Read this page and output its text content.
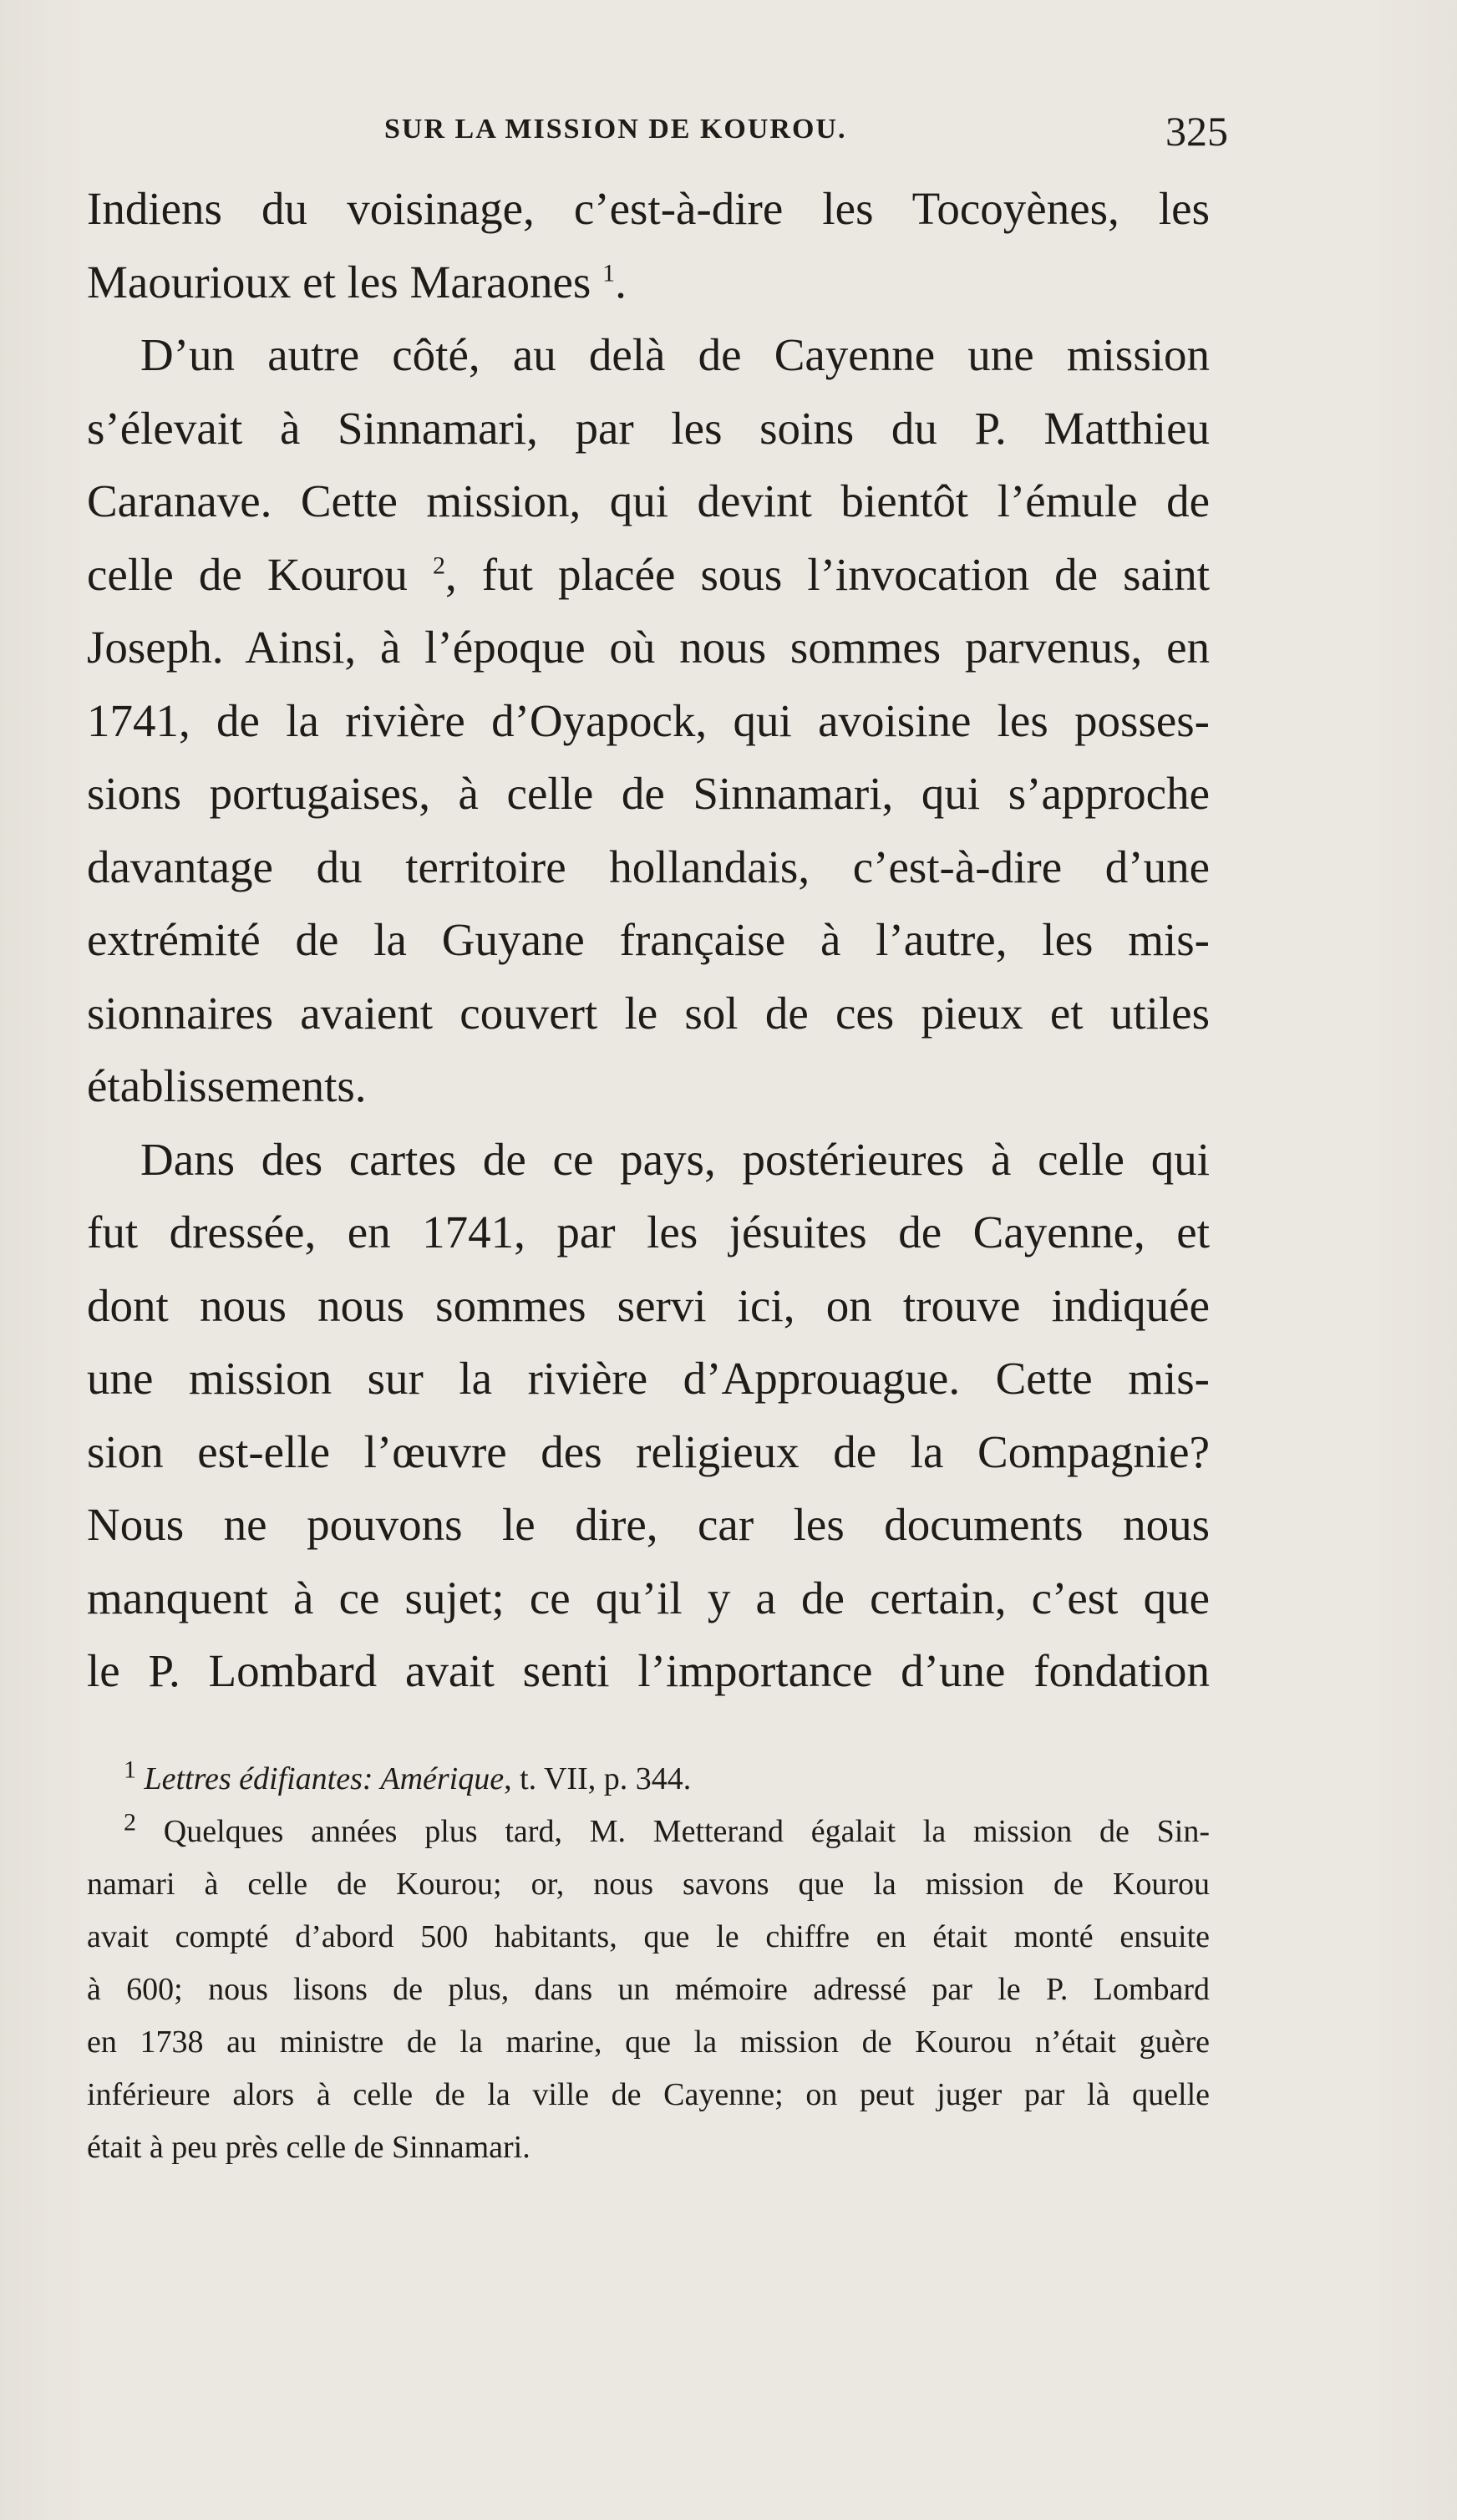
SUR LA MISSION DE KOUROU.	325
Indiens du voisinage, c’est-à-dire les Tocoyènes, les
Maourioux et les Maraones $^1$.
D’un autre côté, au delà de Cayenne une mission
s’élevait à Sinnamari, par les soins du P. Matthieu
Caranave. Cette mission, qui devint bientôt l’émule de
celle de Kourou $^2$, fut placée sous l’invocation de saint
Joseph. Ainsi, à l’époque où nous sommes parvenus, en
1741, de la rivière d’Oyapock, qui avoisine les posses-
sions portugaises, à celle de Sinnamari, qui s’approche
davantage du territoire hollandais, c’est-à-dire d’une
extrémité de la Guyane française à l’autre, les mis-
sionnaires avaient couvert le sol de ces pieux et utiles
établissements.
Dans des cartes de ce pays, postérieures à celle qui
fut dressée, en 1741, par les jésuites de Cayenne, et
dont nous nous sommes servi ici, on trouve indiquée
une mission sur la rivière d’Approuague. Cette mis-
sion est-elle l’œuvre des religieux de la Compagnie?
Nous ne pouvons le dire, car les documents nous
manquent à ce sujet; ce qu’il y a de certain, c’est que
le P. Lombard avait senti l’importance d’une fondation
$^1$ Lettres édifiantes: Amérique, t. VII, p. 344.
$^2$ Quelques années plus tard, M. Metterand égalait la mission de Sin-
namari à celle de Kourou; or, nous savons que la mission de Kourou
avait compté d’abord 500 habitants, que le chiffre en était monté ensuite
à 600; nous lisons de plus, dans un mémoire adressé par le P. Lombard
en 1738 au ministre de la marine, que la mission de Kourou n’était guère
inférieure alors à celle de la ville de Cayenne; on peut juger par là quelle
était à peu près celle de Sinnamari.
